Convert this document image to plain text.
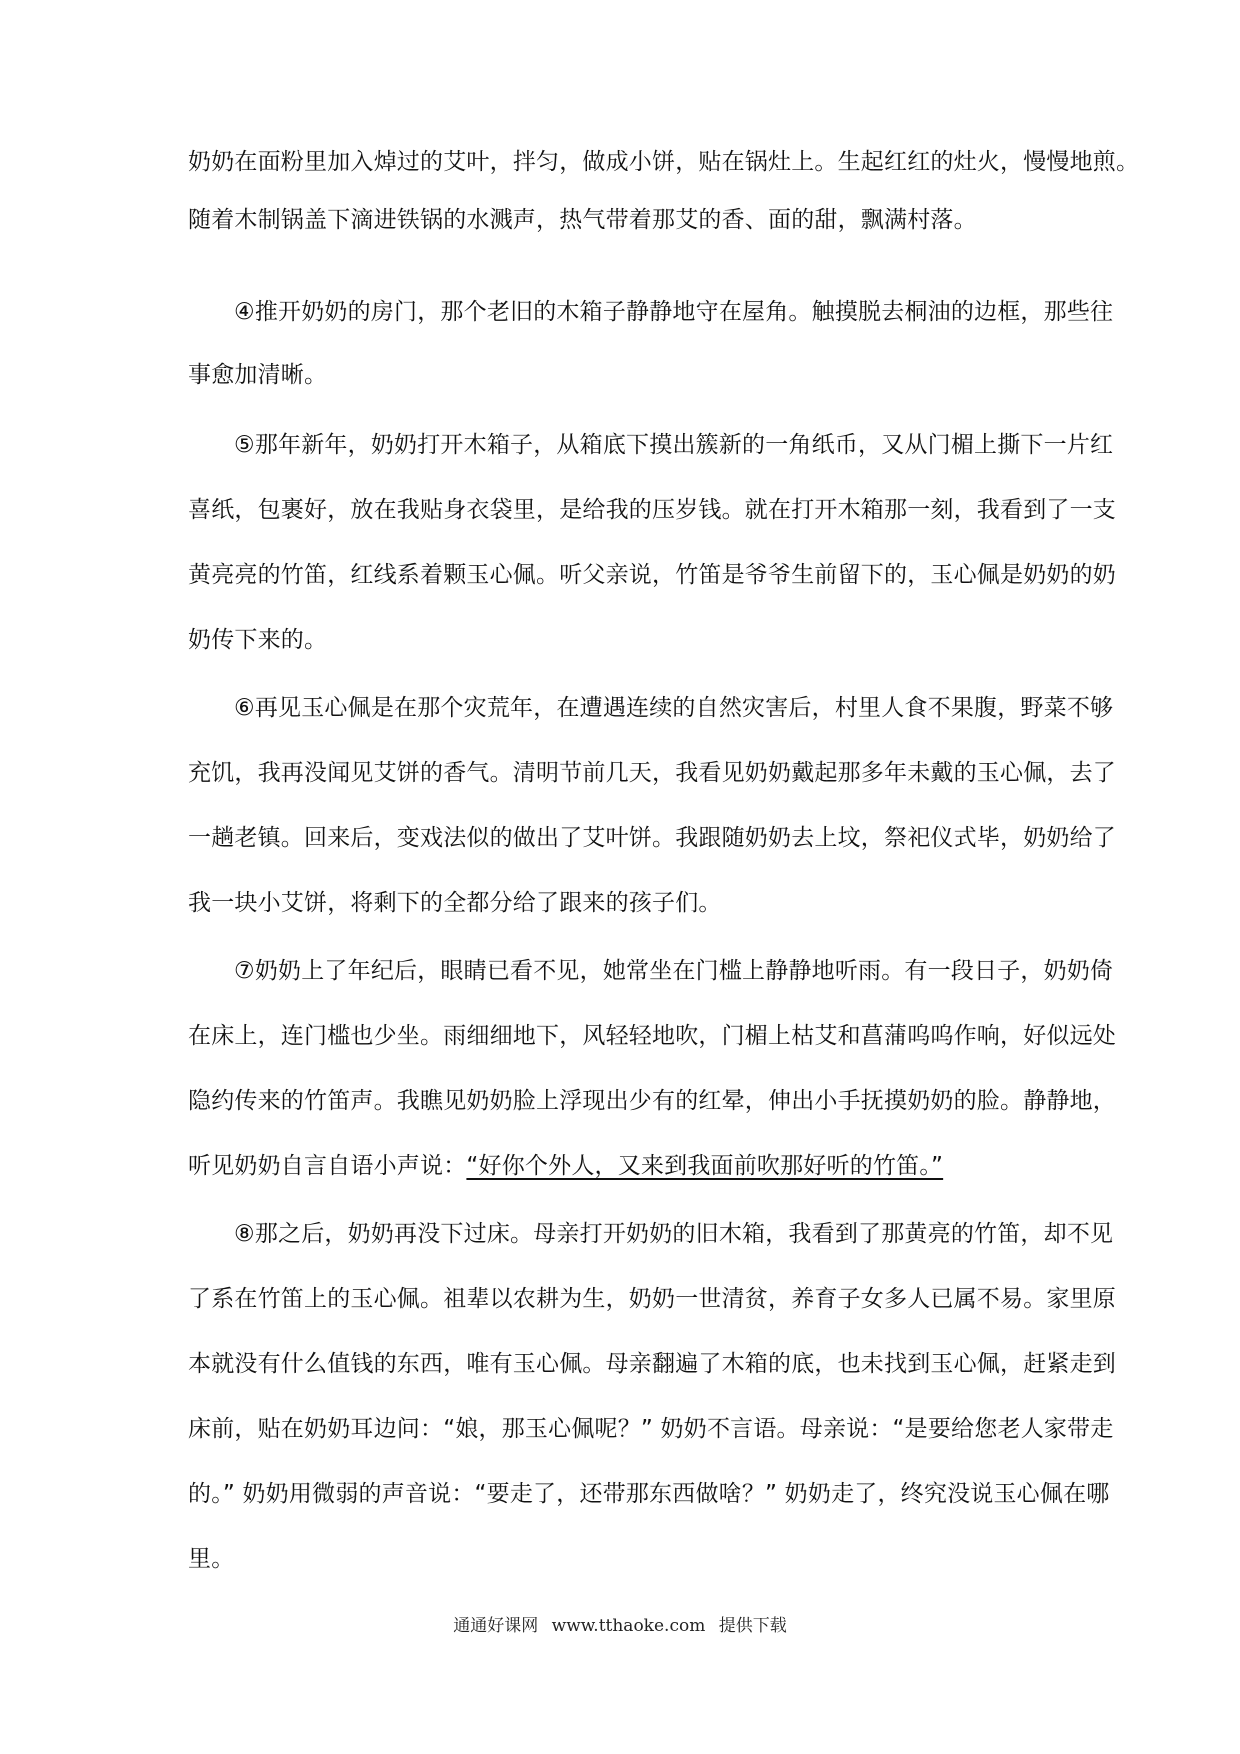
奶奶在面粉里加入焯过的艾叶，拌匀，做成小饼，贴在锅灶上。生起红红的灶火，慢慢地煎。
随着木制锅盖下滴进铁锅的水溅声，热气带着那艾的香、面的甜，飘满村落。
④推开奶奶的房门，那个老旧的木箱子静静地守在屋角。触摸脱去桐油的边框，那些往
事愈加清晰。
⑤那年新年，奶奶打开木箱子，从箱底下摸出簇新的一角纸币，又从门楣上撕下一片红
喜纸，包裹好，放在我贴身衣袋里，是给我的压岁钱。就在打开木箱那一刻，我看到了一支
黄亮亮的竹笛，红线系着颗玉心佩。听父亲说，竹笛是爷爷生前留下的，玉心佩是奶奶的奶
奶传下来的。
⑥再见玉心佩是在那个灾荒年，在遭遇连续的自然灾害后，村里人食不果腹，野菜不够
充饥，我再没闻见艾饼的香气。清明节前几天，我看见奶奶戴起那多年未戴的玉心佩，去了
一趟老镇。回来后，变戏法似的做出了艾叶饼。我跟随奶奶去上坟，祭祀仪式毕，奶奶给了
我一块小艾饼，将剩下的全都分给了跟来的孩子们。
⑦奶奶上了年纪后，眼睛已看不见，她常坐在门槛上静静地听雨。有一段日子，奶奶倚
在床上，连门槛也少坐。雨细细地下，风轻轻地吹，门楣上枯艾和菖蒲呜呜作响，好似远处
隐约传来的竹笛声。我瞧见奶奶脸上浮现出少有的红晕，伸出小手抚摸奶奶的脸。静静地，
听见奶奶自言自语小声说：“好你个外人，又来到我面前吹那好听的竹笛。”
⑧那之后，奶奶再没下过床。母亲打开奶奶的旧木箱，我看到了那黄亮的竹笛，却不见
了系在竹笛上的玉心佩。祖辈以农耕为生，奶奶一世清贫，养育子女多人已属不易。家里原
本就没有什么值钱的东西，唯有玉心佩。母亲翻遍了木箱的底，也未找到玉心佩，赶紧走到
床前，贴在奶奶耳边问：“娘，那玉心佩呢？” 奶奶不言语。母亲说：“是要给您老人家带走
的。” 奶奶用微弱的声音说：“要走了，还带那东西做啥？” 奶奶走了，终究没说玉心佩在哪
里。
通通好课网 www.tthaoke.com 提供下载
